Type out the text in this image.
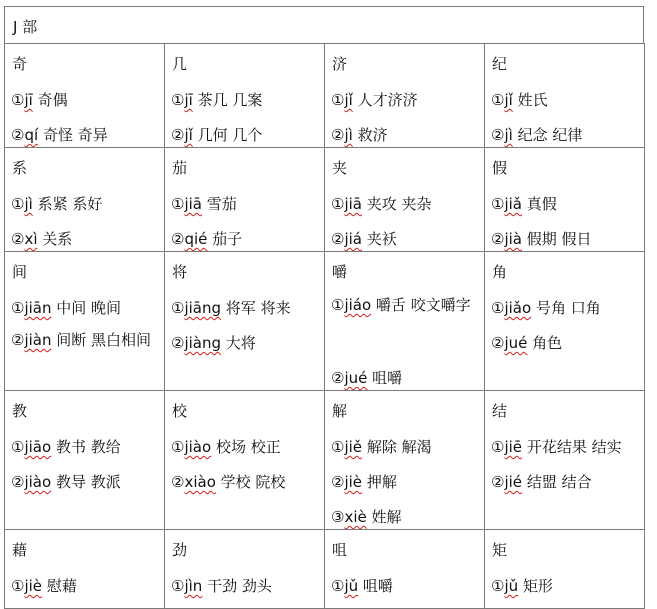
J 部
奇
①jī 奇偶
②qí 奇怪 奇异
几
①jī 茶几 几案
②jǐ 几何 几个
济
①jǐ 人才济济
②jì 救济
纪
①jǐ 姓氏
②jì 纪念 纪律
系
①jì 系紧 系好
②xì 关系
茄
①jiā 雪茄
②qié 茄子
夹
①jiā 夹攻 夹杂
②jiá 夹袄
假
①jiǎ 真假
②jià 假期 假日
间
①jiān 中间 晚间
②jiàn 间断 黑白相间
将
①jiāng 将军 将来
②jiàng 大将
嚼
①jiáo 嚼舌 咬文嚼字
②jué 咀嚼
角
①jiǎo 号角 口角
②jué 角色
教
①jiāo 教书 教给
②jiào 教导 教派
校
①jiào 校场 校正
②xiào 学校 院校
解
①jiě 解除 解渴
②jiè 押解
③xiè 姓解
结
①jiē 开花结果 结实
②jié 结盟 结合
藉
①jiè 慰藉
劲
①jìn 干劲 劲头
咀
①jǔ 咀嚼
矩
①jǔ 矩形
